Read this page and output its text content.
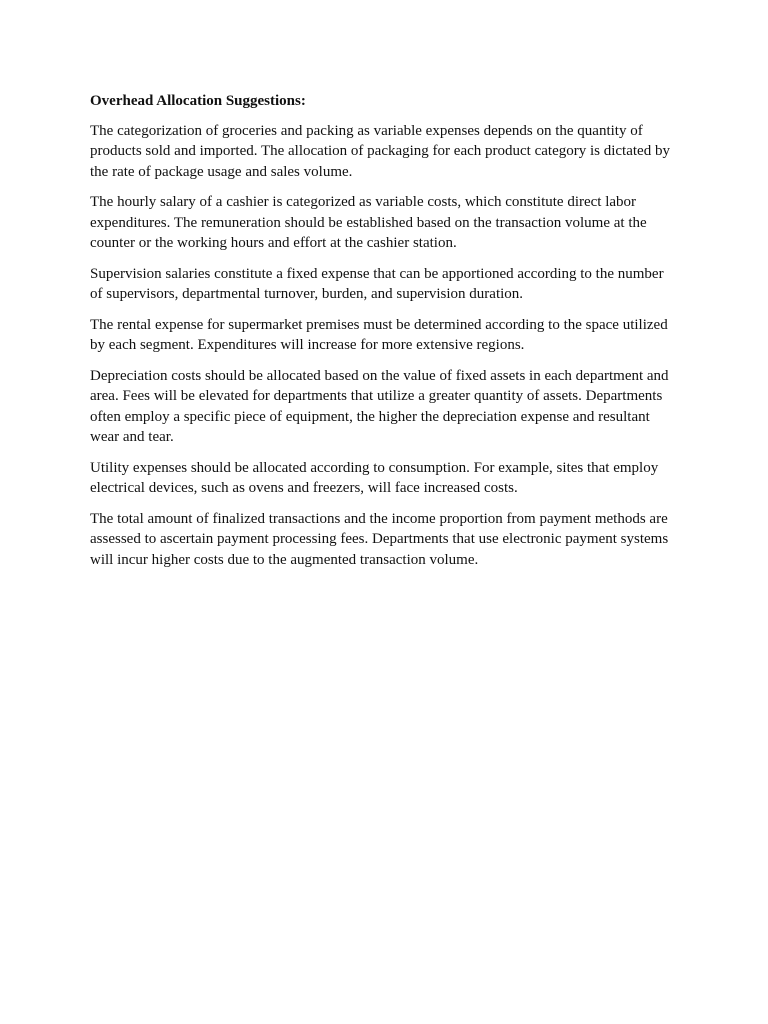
Overhead Allocation Suggestions:

The categorization of groceries and packing as variable expenses depends on the quantity of products sold and imported. The allocation of packaging for each product category is dictated by the rate of package usage and sales volume.

The hourly salary of a cashier is categorized as variable costs, which constitute direct labor expenditures. The remuneration should be established based on the transaction volume at the counter or the working hours and effort at the cashier station.

Supervision salaries constitute a fixed expense that can be apportioned according to the number of supervisors, departmental turnover, burden, and supervision duration.

The rental expense for supermarket premises must be determined according to the space utilized by each segment. Expenditures will increase for more extensive regions.

Depreciation costs should be allocated based on the value of fixed assets in each department and area. Fees will be elevated for departments that utilize a greater quantity of assets. Departments often employ a specific piece of equipment, the higher the depreciation expense and resultant wear and tear.

Utility expenses should be allocated according to consumption. For example, sites that employ electrical devices, such as ovens and freezers, will face increased costs.

The total amount of finalized transactions and the income proportion from payment methods are assessed to ascertain payment processing fees. Departments that use electronic payment systems will incur higher costs due to the augmented transaction volume.
